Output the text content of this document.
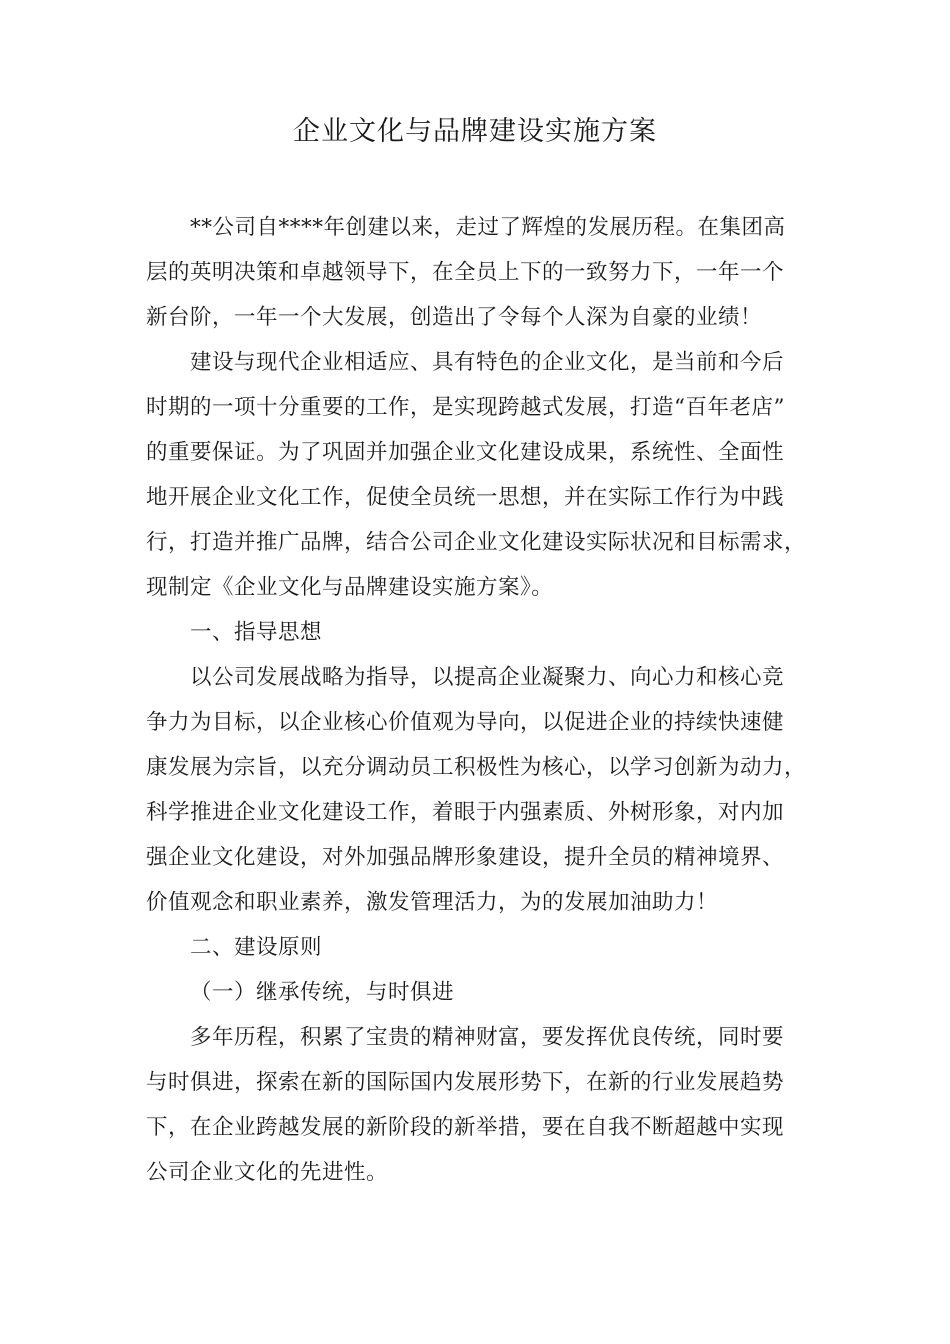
企业文化与品牌建设实施方案
**公司自****年创建以来，走过了辉煌的发展历程。在集团高
层的英明决策和卓越领导下，在全员上下的一致努力下，一年一个
新台阶，一年一个大发展，创造出了令每个人深为自豪的业绩！
建设与现代企业相适应、具有特色的企业文化，是当前和今后
时期的一项十分重要的工作，是实现跨越式发展，打造“百年老店”
的重要保证。为了巩固并加强企业文化建设成果，系统性、全面性
地开展企业文化工作，促使全员统一思想，并在实际工作行为中践
行，打造并推广品牌，结合公司企业文化建设实际状况和目标需求，
现制定《企业文化与品牌建设实施方案》。
一、指导思想
以公司发展战略为指导，以提高企业凝聚力、向心力和核心竞
争力为目标，以企业核心价值观为导向，以促进企业的持续快速健
康发展为宗旨，以充分调动员工积极性为核心，以学习创新为动力，
科学推进企业文化建设工作，着眼于内强素质、外树形象，对内加
强企业文化建设，对外加强品牌形象建设，提升全员的精神境界、
价值观念和职业素养，激发管理活力，为的发展加油助力！
二、建设原则
（一）继承传统，与时俱进
多年历程，积累了宝贵的精神财富，要发挥优良传统，同时要
与时俱进，探索在新的国际国内发展形势下，在新的行业发展趋势
下，在企业跨越发展的新阶段的新举措，要在自我不断超越中实现
公司企业文化的先进性。
